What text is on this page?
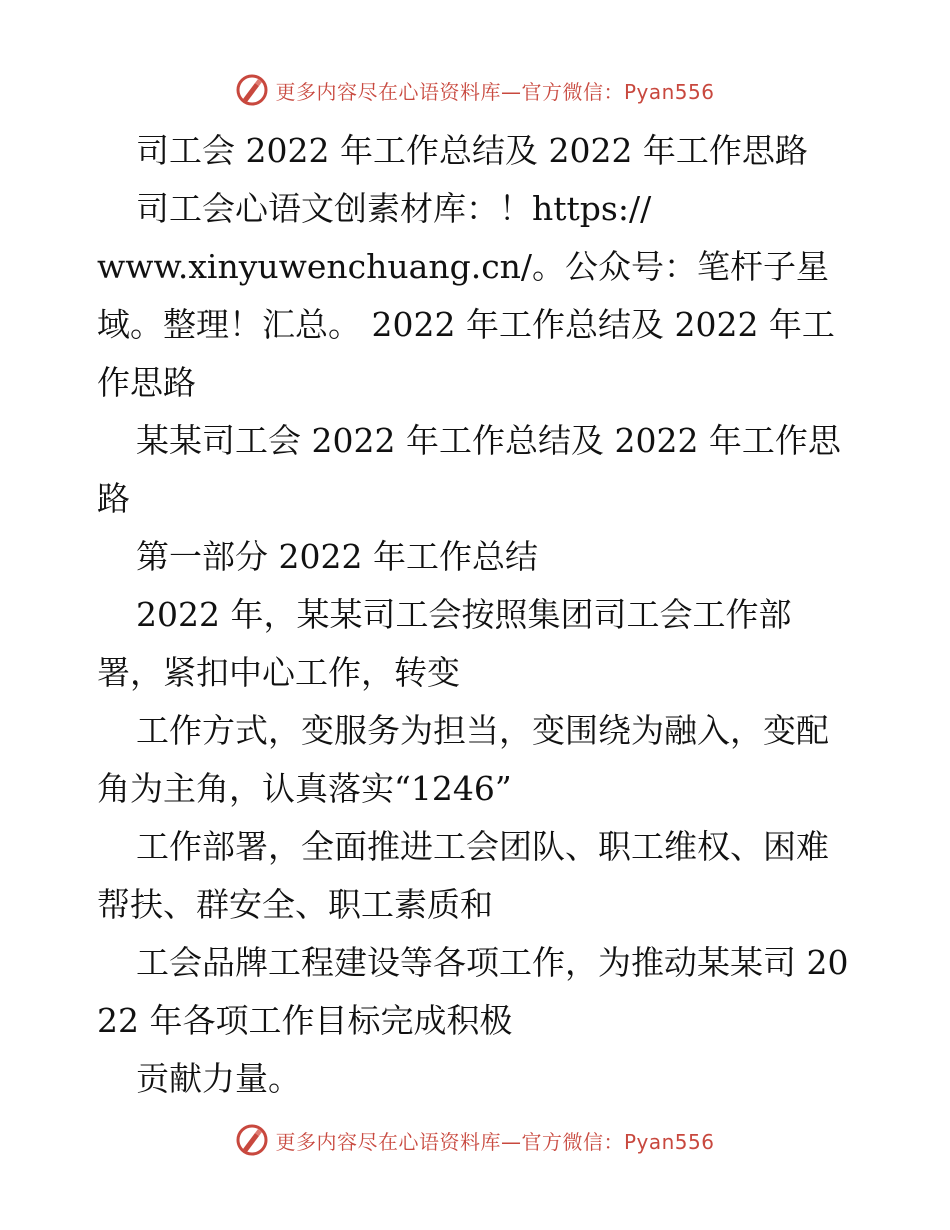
更多内容尽在心语资料库—官方微信：Pyan556

司工会 2022 年工作总结及 2022 年工作思路

司工会心语文创素材库：！https://
www.xinyuwenchuang.cn/。公众号：笔杆子星域。整理！汇总。 2022 年工作总结及 2022 年工作思路

某某司工会 2022 年工作总结及 2022 年工作思路

第一部分 2022 年工作总结

2022 年，某某司工会按照集团司工会工作部署，紧扣中心工作，转变

工作方式，变服务为担当，变围绕为融入，变配角为主角，认真落实“1246”

工作部署，全面推进工会团队、职工维权、困难帮扶、群安全、职工素质和

工会品牌工程建设等各项工作，为推动某某司 2022 年各项工作目标完成积极

贡献力量。

更多内容尽在心语资料库—官方微信：Pyan556
